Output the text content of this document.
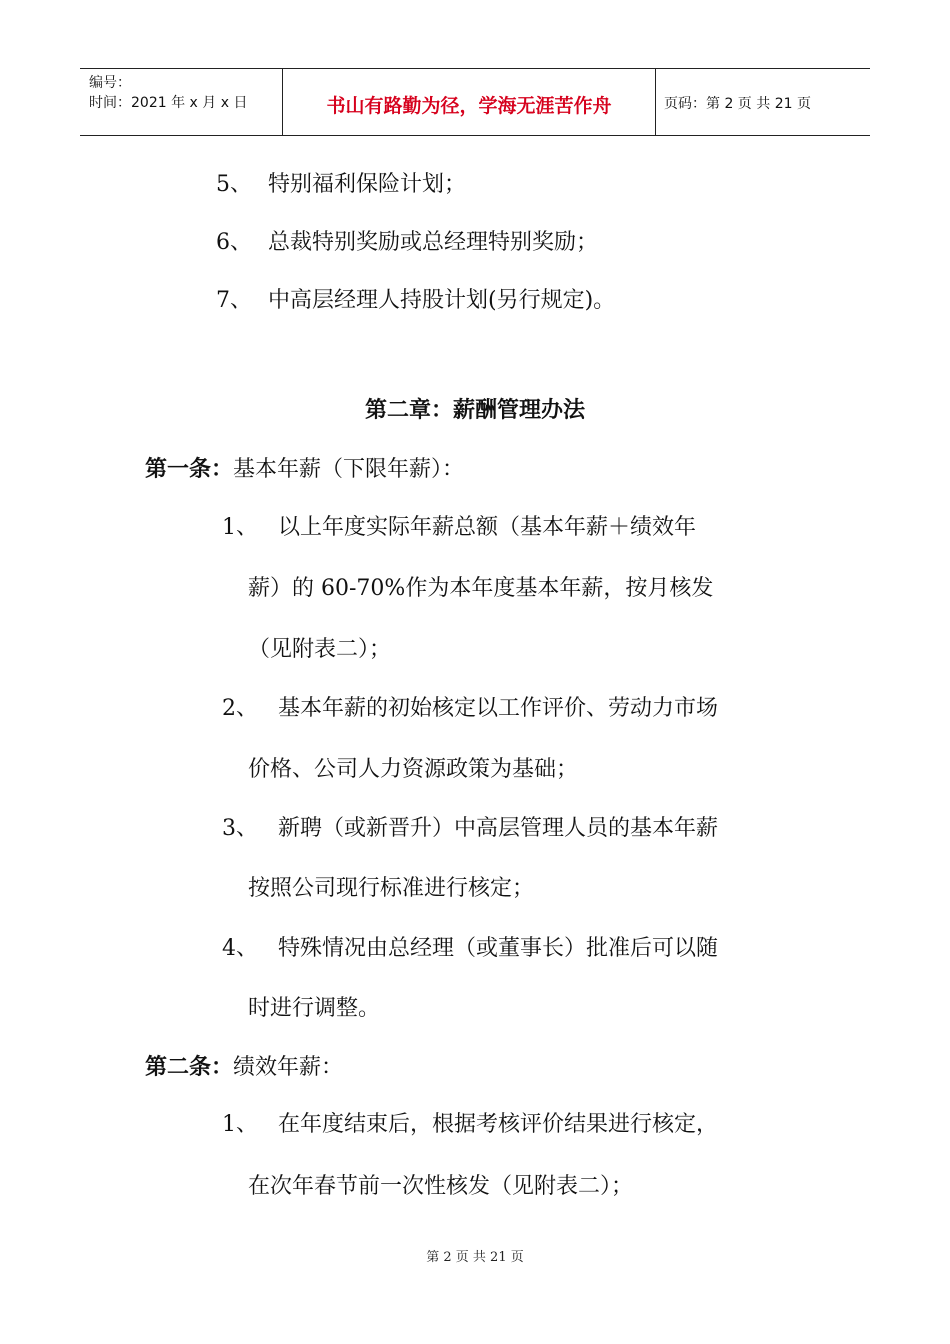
编号：
时间：2021 年 x 月 x 日	书山有路勤为径，学海无涯苦作舟	页码：第 2 页 共 21 页
5、 特别福利保险计划；
6、 总裁特别奖励或总经理特别奖励；
7、 中高层经理人持股计划(另行规定)。
第二章：薪酬管理办法
第一条：基本年薪（下限年薪）：
1、 以上年度实际年薪总额（基本年薪＋绩效年
薪）的 60-70%作为本年度基本年薪，按月核发
（见附表二）；
2、 基本年薪的初始核定以工作评价、劳动力市场
价格、公司人力资源政策为基础；
3、 新聘（或新晋升）中高层管理人员的基本年薪
按照公司现行标准进行核定；
4、 特殊情况由总经理（或董事长）批准后可以随
时进行调整。
第二条：绩效年薪：
1、 在年度结束后，根据考核评价结果进行核定，
在次年春节前一次性核发（见附表二）；
第 2 页 共 21 页
